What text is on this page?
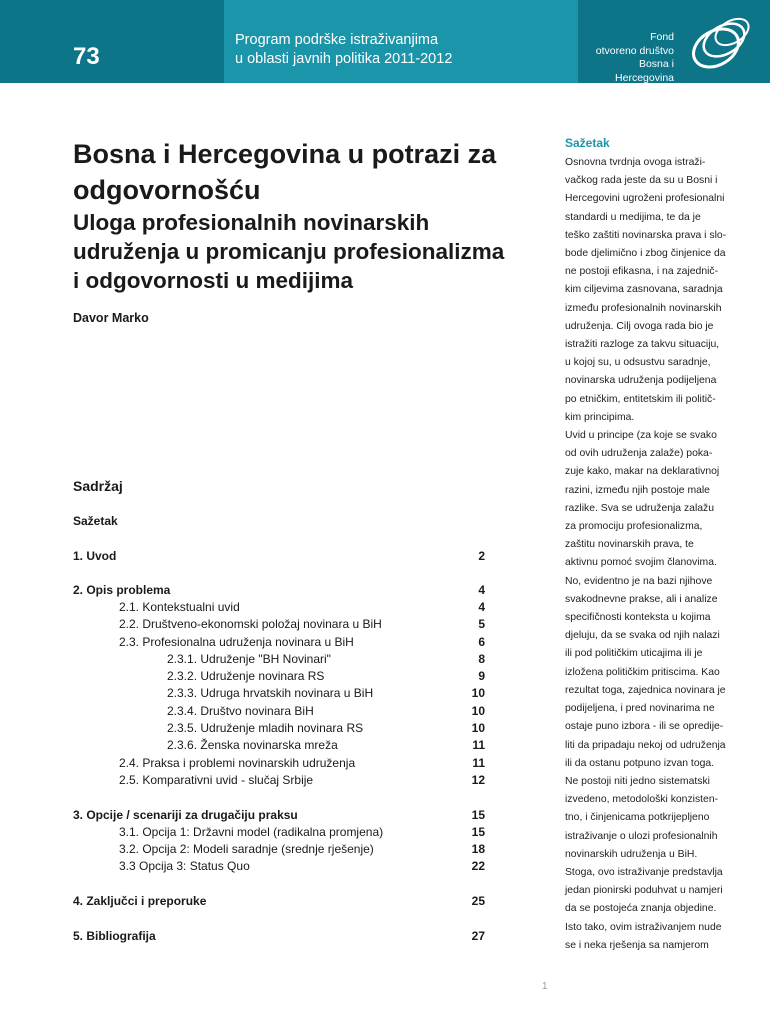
73
Program podrške istraživanjima
u oblasti javnih politika 2011-2012
Fond
otvoreno društvo
Bosna i Hercegovina
Bosna i Hercegovina u potrazi za
odgovornošću
Uloga profesionalnih novinarskih
udruženja u promicanju profesionalizma
i odgovornosti u medijima
Davor Marko
Sadržaj
Sažetak
1. Uvod	2
2. Opis problema	4
2.1. Kontekstualni uvid	4
2.2. Društveno-ekonomski položaj novinara u BiH	5
2.3. Profesionalna udruženja novinara u BiH	6
2.3.1. Udruženje "BH Novinari"	8
2.3.2. Udruženje novinara RS	9
2.3.3. Udruga hrvatskih novinara u BiH	10
2.3.4. Društvo novinara BiH	10
2.3.5. Udruženje mladih novinara RS	10
2.3.6. Ženska novinarska mreža	11
2.4. Praksa i problemi novinarskih udruženja	11
2.5. Komparativni uvid - slučaj Srbije	12
3. Opcije / scenariji za drugačiju praksu	15
3.1. Opcija 1: Državni model (radikalna promjena)	15
3.2. Opcija 2: Modeli saradnje (srednje rješenje)	18
3.3 Opcija 3: Status Quo	22
4. Zaključci i preporuke	25
5. Bibliografija	27
Sažetak
Osnovna tvrdnja ovoga istraži-
vačkog rada jeste da su u Bosni i
Hercegovini ugroženi profesionalni
standardi u medijima, te da je
teško zaštiti novinarska prava i slo-
bode djelimično i zbog činjenice da
ne postoji efikasna, i na zajednič-
kim ciljevima zasnovana, saradnja
između profesionalnih novinarskih
udruženja. Cilj ovoga rada bio je
istražiti razloge za takvu situaciju,
u kojoj su, u odsustvu saradnje,
novinarska udruženja podijeljena
po etničkim, entitetskim ili politič-
kim principima.
Uvid u principe (za koje se svako
od ovih udruženja zalaže) poka-
zuje kako, makar na deklarativnoj
razini, između njih postoje male
razlike. Sva se udruženja zalažu
za promociju profesionalizma,
zaštitu novinarskih prava, te
aktivnu pomoć svojim članovima.
No, evidentno je na bazi njihove
svakodnevne prakse, ali i analize
specifičnosti konteksta u kojima
djeluju, da se svaka od njih nalazi
ili pod političkim uticajima ili je
izložena političkim pritiscima. Kao
rezultat toga, zajednica novinara je
podijeljena, i pred novinarima ne
ostaje puno izbora - ili se opredije-
liti da pripadaju nekoj od udruženja
ili da ostanu potpuno izvan toga.
Ne postoji niti jedno sistematski
izvedeno, metodološki konzisten-
tno, i činjenicama potkrijepljeno
istraživanje o ulozi profesionalnih
novinarskih udruženja u BiH.
Stoga, ovo istraživanje predstavlja
jedan pionirski poduhvat u namjeri
da se postojeća znanja objedine.
Isto tako, ovim istraživanjem nude
se i neka rješenja sa namjerom
1
